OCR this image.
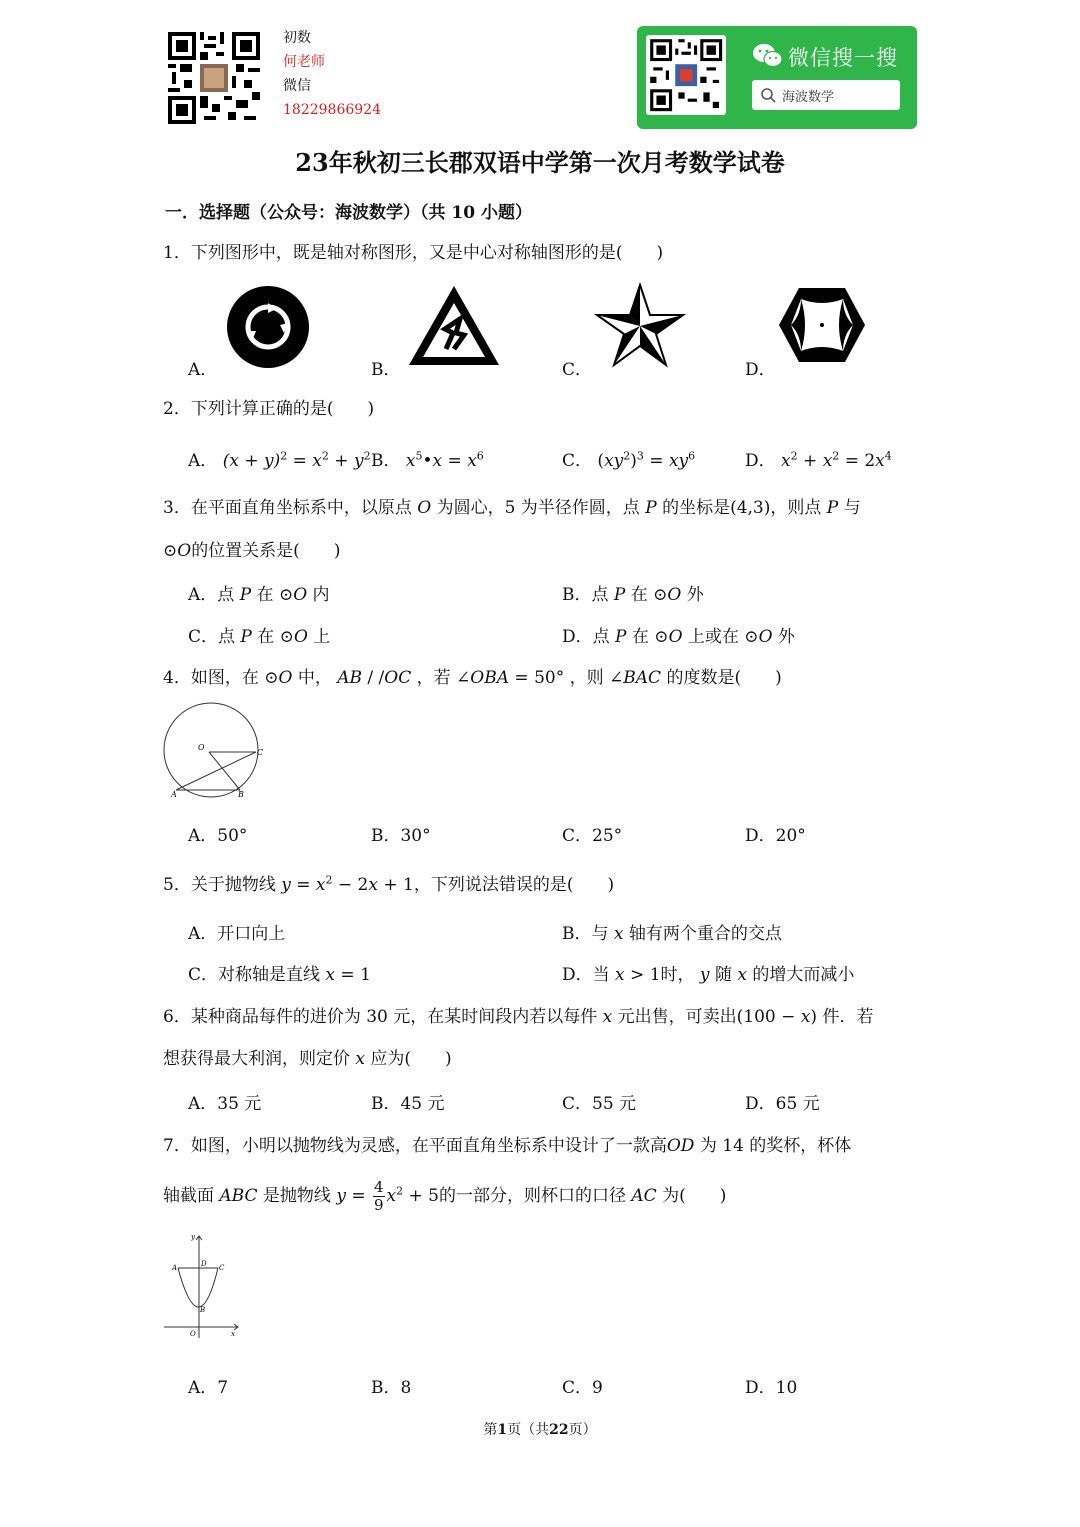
初数
何老师
微信
18229866924
微信搜一搜
海波数学
23年秋初三长郡双语中学第一次月考数学试卷
一．选择题（公众号：海波数学）（共 10 小题）
1．下列图形中，既是轴对称图形，又是中心对称轴图形的是(　　)
A．	B．	C．	D．
2．下列计算正确的是(　　)
A． $(x + y)^2 = x^2 + y^2$ B． $x^5•x = x^6$	C． $(xy^2)^3 = xy^6$	D． $x^2 + x^2 = 2x^4$
3．在平面直角坐标系中，以原点 O 为圆心，5 为半径作圆，点 P 的坐标是(4,3)，则点 P 与
⊙O的位置关系是(　　)
A．点 P 在 ⊙O 内	B．点 P 在 ⊙O 外
C．点 P 在 ⊙O 上	D．点 P 在 ⊙O 上或在 ⊙O 外
4．如图，在 ⊙O 中， AB / /OC ，若 ∠OBA = 50° ，则 ∠BAC 的度数是(　　)
O
C
A	B
A．50°	B．30°	C．25°	D．20°
5．关于抛物线 $y = x^2 - 2x + 1$，下列说法错误的是(　　)
A．开口向上	B．与 x 轴有两个重合的交点
C．对称轴是直线 x = 1	D．当 x > 1时， y 随 x 的增大而减小
6．某种商品每件的进价为 30 元，在某时间段内若以每件 x 元出售，可卖出(100 − x) 件．若
想获得最大利润，则定价 x 应为(　　)
A．35 元	B．45 元	C．55 元	D．65 元
7．如图，小明以抛物线为灵感，在平面直角坐标系中设计了一款高OD 为 14 的奖杯，杯体
轴截面 ABC 是抛物线 $y = \frac{4}{9} x^2 + 5$的一部分，则杯口的口径 AC 为(　　)
y
A	D C
B
O	x
A．7	B．8	C．9	D．10
第1页（共22页）
